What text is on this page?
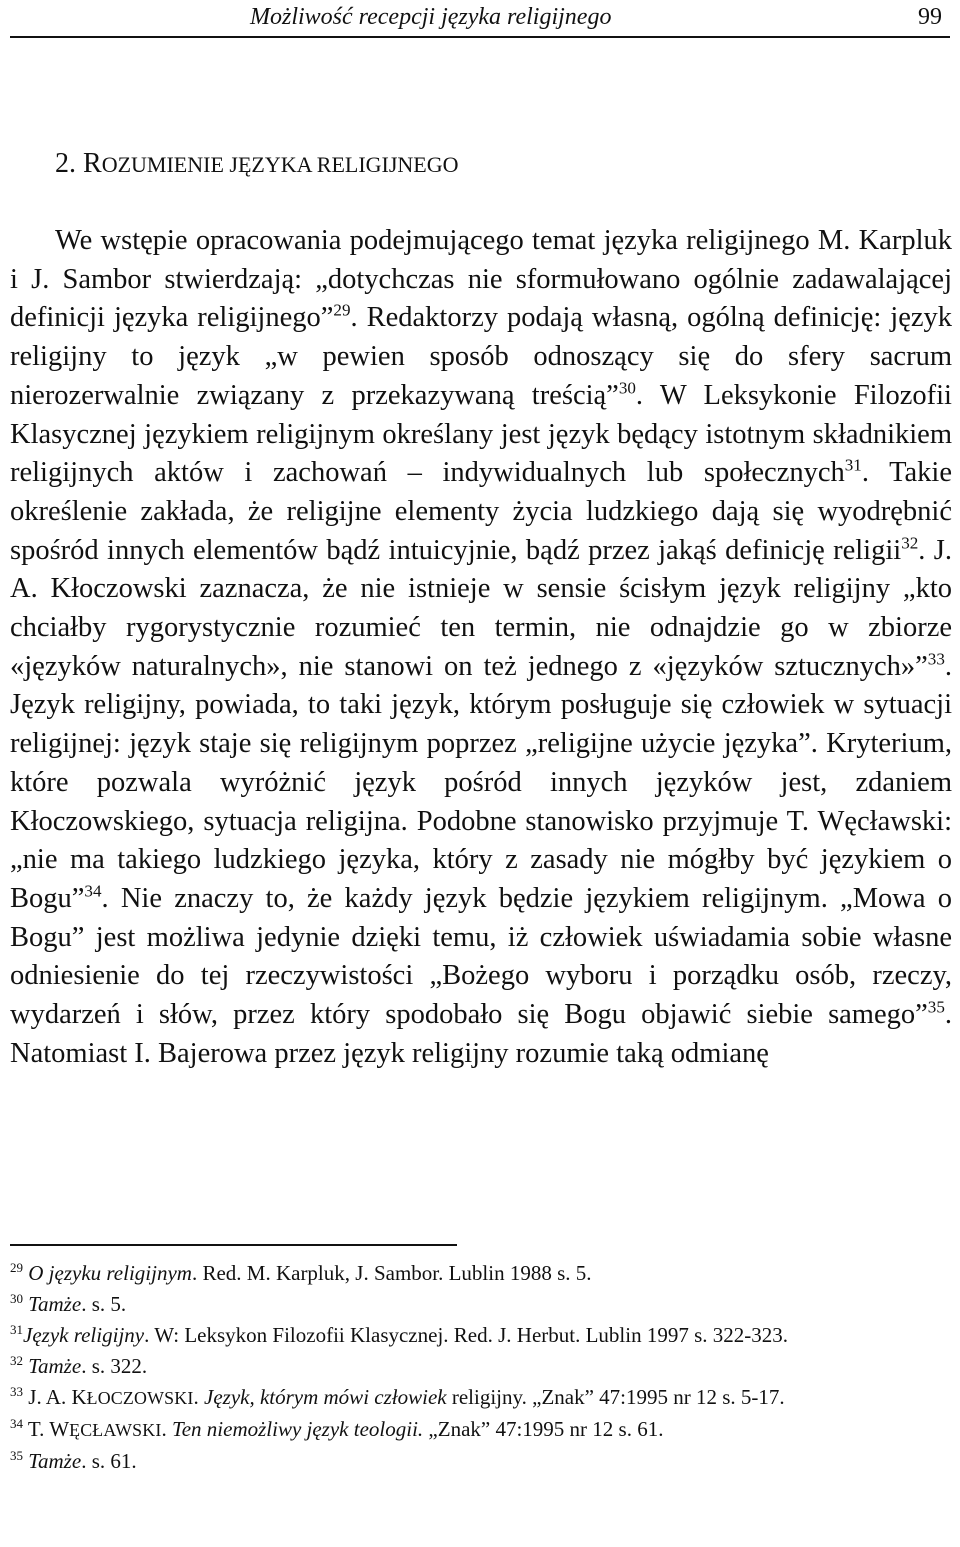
Możliwość recepcji języka religijnego	99
2. ROZUMIENIE JĘZYKA RELIGIJNEGO

We wstępie opracowania podejmującego temat języka religijnego M. Karpluk i J. Sambor stwierdzają: „dotychczas nie sformułowano ogólnie zadawalającej definicji języka religijnego”$^{29}$. Redaktorzy podają własną, ogólną definicję: język religijny to język „w pewien sposób odnoszący się do sfery sacrum nierozerwalnie związany z przekazywaną treścią”$^{30}$. W Leksykonie Filozofii Klasycznej językiem religijnym określany jest język będący istotnym składnikiem religijnych aktów i zachowań – indywidualnych lub społecznych$^{31}$. Takie określenie zakłada, że religijne elementy życia ludzkiego dają się wyodrębnić spośród innych elementów bądź intuicyjnie, bądź przez jakąś definicję religii$^{32}$. J. A. Kłoczowski zaznacza, że nie istnieje w sensie ścisłym język religijny „kto chciałby rygorystycznie rozumieć ten termin, nie odnajdzie go w zbiorze «języków naturalnych», nie stanowi on też jednego z «języków sztucznych»”$^{33}$. Język religijny, powiada, to taki język, którym posługuje się człowiek w sytuacji religijnej: język staje się religijnym poprzez „religijne użycie języka”. Kryterium, które pozwala wyróżnić język pośród innych języków jest, zdaniem Kłoczowskiego, sytuacja religijna. Podobne stanowisko przyjmuje T. Węcławski: „nie ma takiego ludzkiego języka, który z zasady nie mógłby być językiem o Bogu”$^{34}$. Nie znaczy to, że każdy język będzie językiem religijnym. „Mowa o Bogu” jest możliwa jedynie dzięki temu, iż człowiek uświadamia sobie własne odniesienie do tej rzeczywistości „Bożego wyboru i porządku osób, rzeczy, wydarzeń i słów, przez który spodobało się Bogu objawić siebie samego”$^{35}$. Natomiast I. Bajerowa przez język religijny rozumie taką odmianę

$^{29}$ O języku religijnym. Red. M. Karpluk, J. Sambor. Lublin 1988 s. 5.

$^{30}$ Tamże. s. 5.

$^{31}$Język religijny. W: Leksykon Filozofii Klasycznej. Red. J. Herbut. Lublin 1997 s. 322-323.

$^{32}$ Tamże. s. 322.

$^{33}$ J. A. KŁOCZOWSKI. Język, którym mówi człowiek religijny. „Znak” 47:1995 nr 12 s. 5-17.

$^{34}$ T. WĘCŁAWSKI. Ten niemożliwy język teologii. „Znak” 47:1995 nr 12 s. 61.

$^{35}$ Tamże. s. 61.
